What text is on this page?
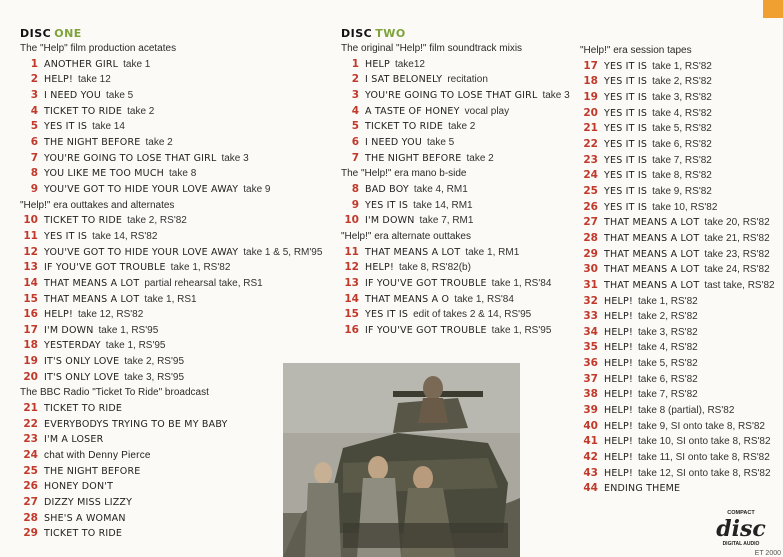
DISC ONE
The "Help" film production acetates
1 ANOTHER GIRL take 1
2 HELP! take 12
3 I NEED YOU take 5
4 TICKET TO RIDE take 2
5 YES IT IS take 14
6 THE NIGHT BEFORE take 2
7 YOU'RE GOING TO LOSE THAT GIRL take 3
8 YOU LIKE ME TOO MUCH take 8
9 YOU'VE GOT TO HIDE YOUR LOVE AWAY take 9
"Help!" era outtakes and alternates
10 TICKET TO RIDE take 2, RS'82
11 YES IT IS take 14, RS'82
12 YOU'VE GOT TO HIDE YOUR LOVE AWAY take 1 & 5, RM'95
13 IF YOU'VE GOT TROUBLE take 1, RS'82
14 THAT MEANS A LOT partial rehearsal take, RS1
15 THAT MEANS A LOT take 1, RS1
16 HELP! take 12, RS'82
17 I'M DOWN take 1, RS'95
18 YESTERDAY take 1, RS'95
19 IT'S ONLY LOVE take 2, RS'95
20 IT'S ONLY LOVE take 3, RS'95
The BBC Radio "Ticket To Ride" broadcast
21 TICKET TO RIDE
22 EVERYBODYS TRYING TO BE MY BABY
23 I'M A LOSER
24 chat with Denny Pierce
25 THE NIGHT BEFORE
26 HONEY DON'T
27 DIZZY MISS LIZZY
28 SHE'S A WOMAN
29 TICKET TO RIDE
DISC TWO
The original "Help!" film soundtrack mixis
1 HELP take12
2 I SAT BELONELY recitation
3 YOU'RE GOING TO LOSE THAT GIRL take 3
4 A TASTE OF HONEY vocal play
5 TICKET TO RIDE take 2
6 I NEED YOU take 5
7 THE NIGHT BEFORE take 2
The "Help!" era mano b-side
8 BAD BOY take 4, RM1
9 YES IT IS take 14, RM1
10 I'M DOWN take 7, RM1
"Help!" era alternate outtakes
11 THAT MEANS A LOT take 1, RM1
12 HELP! take 8, RS'82(b)
13 IF YOU'VE GOT TROUBLE take 1, RS'84
14 THAT MEANS A O take 1, RS'84
15 YES IT IS edit of takes 2 & 14, RS'95
16 IF YOU'VE GOT TROUBLE take 1, RS'95
"Help!" era session tapes
17 YES IT IS take 1, RS'82
18 YES IT IS take 2, RS'82
19 YES IT IS take 3, RS'82
20 YES IT IS take 4, RS'82
21 YES IT IS take 5, RS'82
22 YES IT IS take 6, RS'82
23 YES IT IS take 7, RS'82
24 YES IT IS take 8, RS'82
25 YES IT IS take 9, RS'82
26 YES IT IS take 10, RS'82
27 THAT MEANS A LOT take 20, RS'82
28 THAT MEANS A LOT take 21, RS'82
29 THAT MEANS A LOT take 23, RS'82
30 THAT MEANS A LOT take 24, RS'82
31 THAT MEANS A LOT tast take, RS'82
32 HELP! take 1, RS'82
33 HELP! take 2, RS'82
34 HELP! take 3, RS'82
35 HELP! take 4, RS'82
36 HELP! take 5, RS'82
37 HELP! take 6, RS'82
38 HELP! take 7, RS'82
39 HELP! take 8 (partial), RS'82
40 HELP! take 9, SI onto take 8, RS'82
41 HELP! take 10, SI onto take 8, RS'82
42 HELP! take 11, SI onto take 8, RS'82
43 HELP! take 12, SI onto take 8, RS'82
44 ENDING THEME
COMPACT
disc
DIGITAL AUDIO
ET 2000
